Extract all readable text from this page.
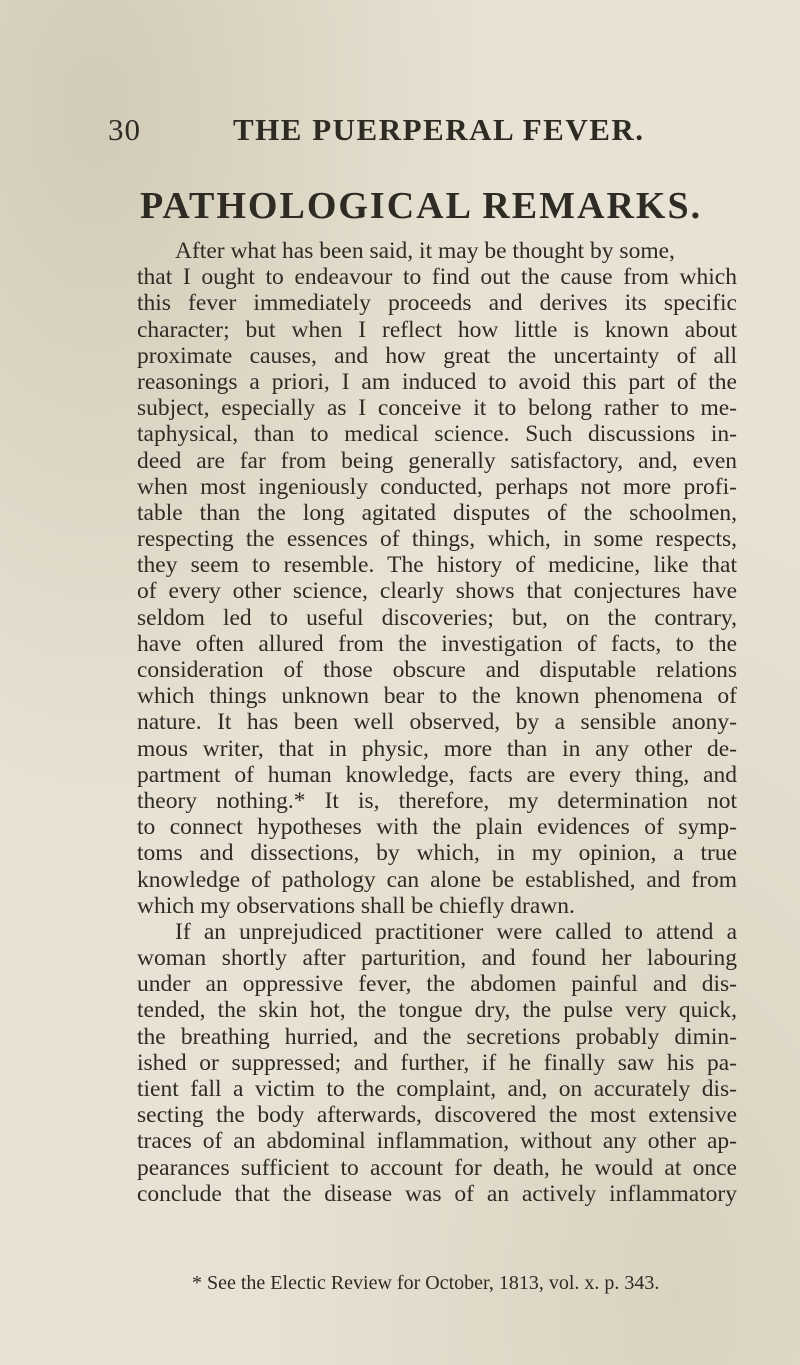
30	THE PUERPERAL FEVER.
PATHOLOGICAL REMARKS.
After what has been said, it may be thought by some,
that I ought to endeavour to find out the cause from which
this fever immediately proceeds and derives its specific
character; but when I reflect how little is known about
proximate causes, and how great the uncertainty of all
reasonings a priori, I am induced to avoid this part of the
subject, especially as I conceive it to belong rather to me-
taphysical, than to medical science. Such discussions in-
deed are far from being generally satisfactory, and, even
when most ingeniously conducted, perhaps not more profi-
table than the long agitated disputes of the schoolmen,
respecting the essences of things, which, in some respects,
they seem to resemble. The history of medicine, like that
of every other science, clearly shows that conjectures have
seldom led to useful discoveries; but, on the contrary,
have often allured from the investigation of facts, to the
consideration of those obscure and disputable relations
which things unknown bear to the known phenomena of
nature. It has been well observed, by a sensible anony-
mous writer, that in physic, more than in any other de-
partment of human knowledge, facts are every thing, and
theory nothing.* It is, therefore, my determination not
to connect hypotheses with the plain evidences of symp-
toms and dissections, by which, in my opinion, a true
knowledge of pathology can alone be established, and from
which my observations shall be chiefly drawn.
If an unprejudiced practitioner were called to attend a
woman shortly after parturition, and found her labouring
under an oppressive fever, the abdomen painful and dis-
tended, the skin hot, the tongue dry, the pulse very quick,
the breathing hurried, and the secretions probably dimin-
ished or suppressed; and further, if he finally saw his pa-
tient fall a victim to the complaint, and, on accurately dis-
secting the body afterwards, discovered the most extensive
traces of an abdominal inflammation, without any other ap-
pearances sufficient to account for death, he would at once
conclude that the disease was of an actively inflammatory
* See the Electic Review for October, 1813, vol. x. p. 343.
